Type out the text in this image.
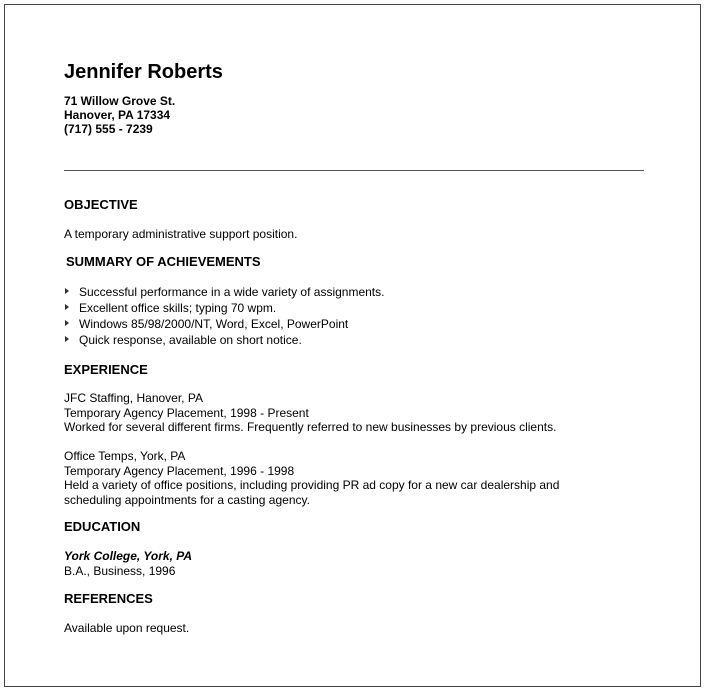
Jennifer Roberts
71 Willow Grove St.
Hanover, PA 17334
(717) 555 - 7239
OBJECTIVE
A temporary administrative support position.
SUMMARY OF ACHIEVEMENTS
Successful performance in a wide variety of assignments.
Excellent office skills; typing 70 wpm.
Windows 85/98/2000/NT, Word, Excel, PowerPoint
Quick response, available on short notice.
EXPERIENCE
JFC Staffing, Hanover, PA
Temporary Agency Placement, 1998 - Present
Worked for several different firms. Frequently referred to new businesses by previous clients.
Office Temps, York, PA
Temporary Agency Placement, 1996 - 1998
Held a variety of office positions, including providing PR ad copy for a new car dealership and
scheduling appointments for a casting agency.
EDUCATION
York College, York, PA
B.A., Business, 1996
REFERENCES
Available upon request.
